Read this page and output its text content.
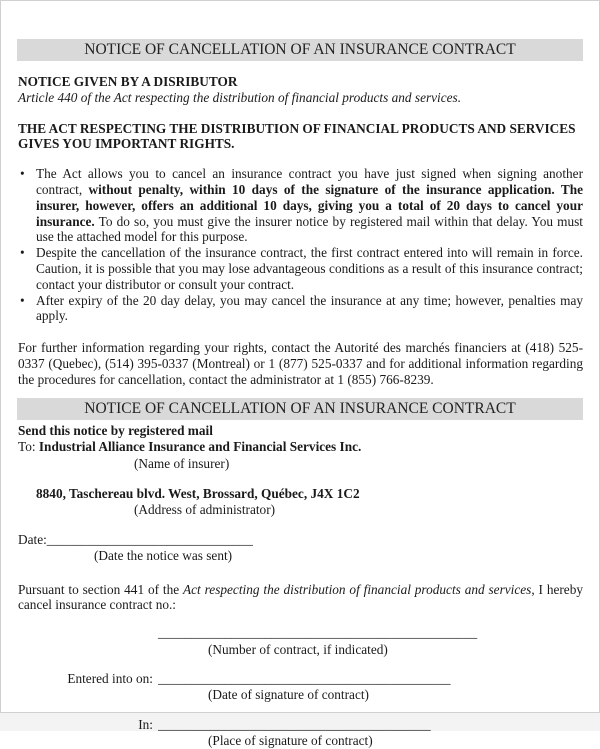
NOTICE OF CANCELLATION OF AN INSURANCE CONTRACT
NOTICE GIVEN BY A DISRIBUTOR
Article 440 of the Act respecting the distribution of financial products and services.
THE ACT RESPECTING THE DISTRIBUTION OF FINANCIAL PRODUCTS AND SERVICES GIVES YOU IMPORTANT RIGHTS.
• The Act allows you to cancel an insurance contract you have just signed when signing another contract, without penalty, within 10 days of the signature of the insurance application. The insurer, however, offers an additional 10 days, giving you a total of 20 days to cancel your insurance. To do so, you must give the insurer notice by registered mail within that delay. You must use the attached model for this purpose.
• Despite the cancellation of the insurance contract, the first contract entered into will remain in force. Caution, it is possible that you may lose advantageous conditions as a result of this insurance contract; contact your distributor or consult your contract.
• After expiry of the 20 day delay, you may cancel the insurance at any time; however, penalties may apply.
For further information regarding your rights, contact the Autorité des marchés financiers at (418) 525-0337 (Quebec), (514) 395-0337 (Montreal) or 1 (877) 525-0337 and for additional information regarding the procedures for cancellation, contact the administrator at 1 (855) 766-8239.
NOTICE OF CANCELLATION OF AN INSURANCE CONTRACT
Send this notice by registered mail
To: Industrial Alliance Insurance and Financial Services Inc.
(Name of insurer)
8840, Taschereau blvd. West, Brossard, Québec, J4X 1C2
(Address of administrator)
Date:_______________________________
(Date the notice was sent)
Pursuant to section 441 of the Act respecting the distribution of financial products and services, I hereby cancel insurance contract no.:
________________________________________________
(Number of contract, if indicated)
Entered into on: ____________________________________________
(Date of signature of contract)
In: _________________________________________
(Place of signature of contract)
